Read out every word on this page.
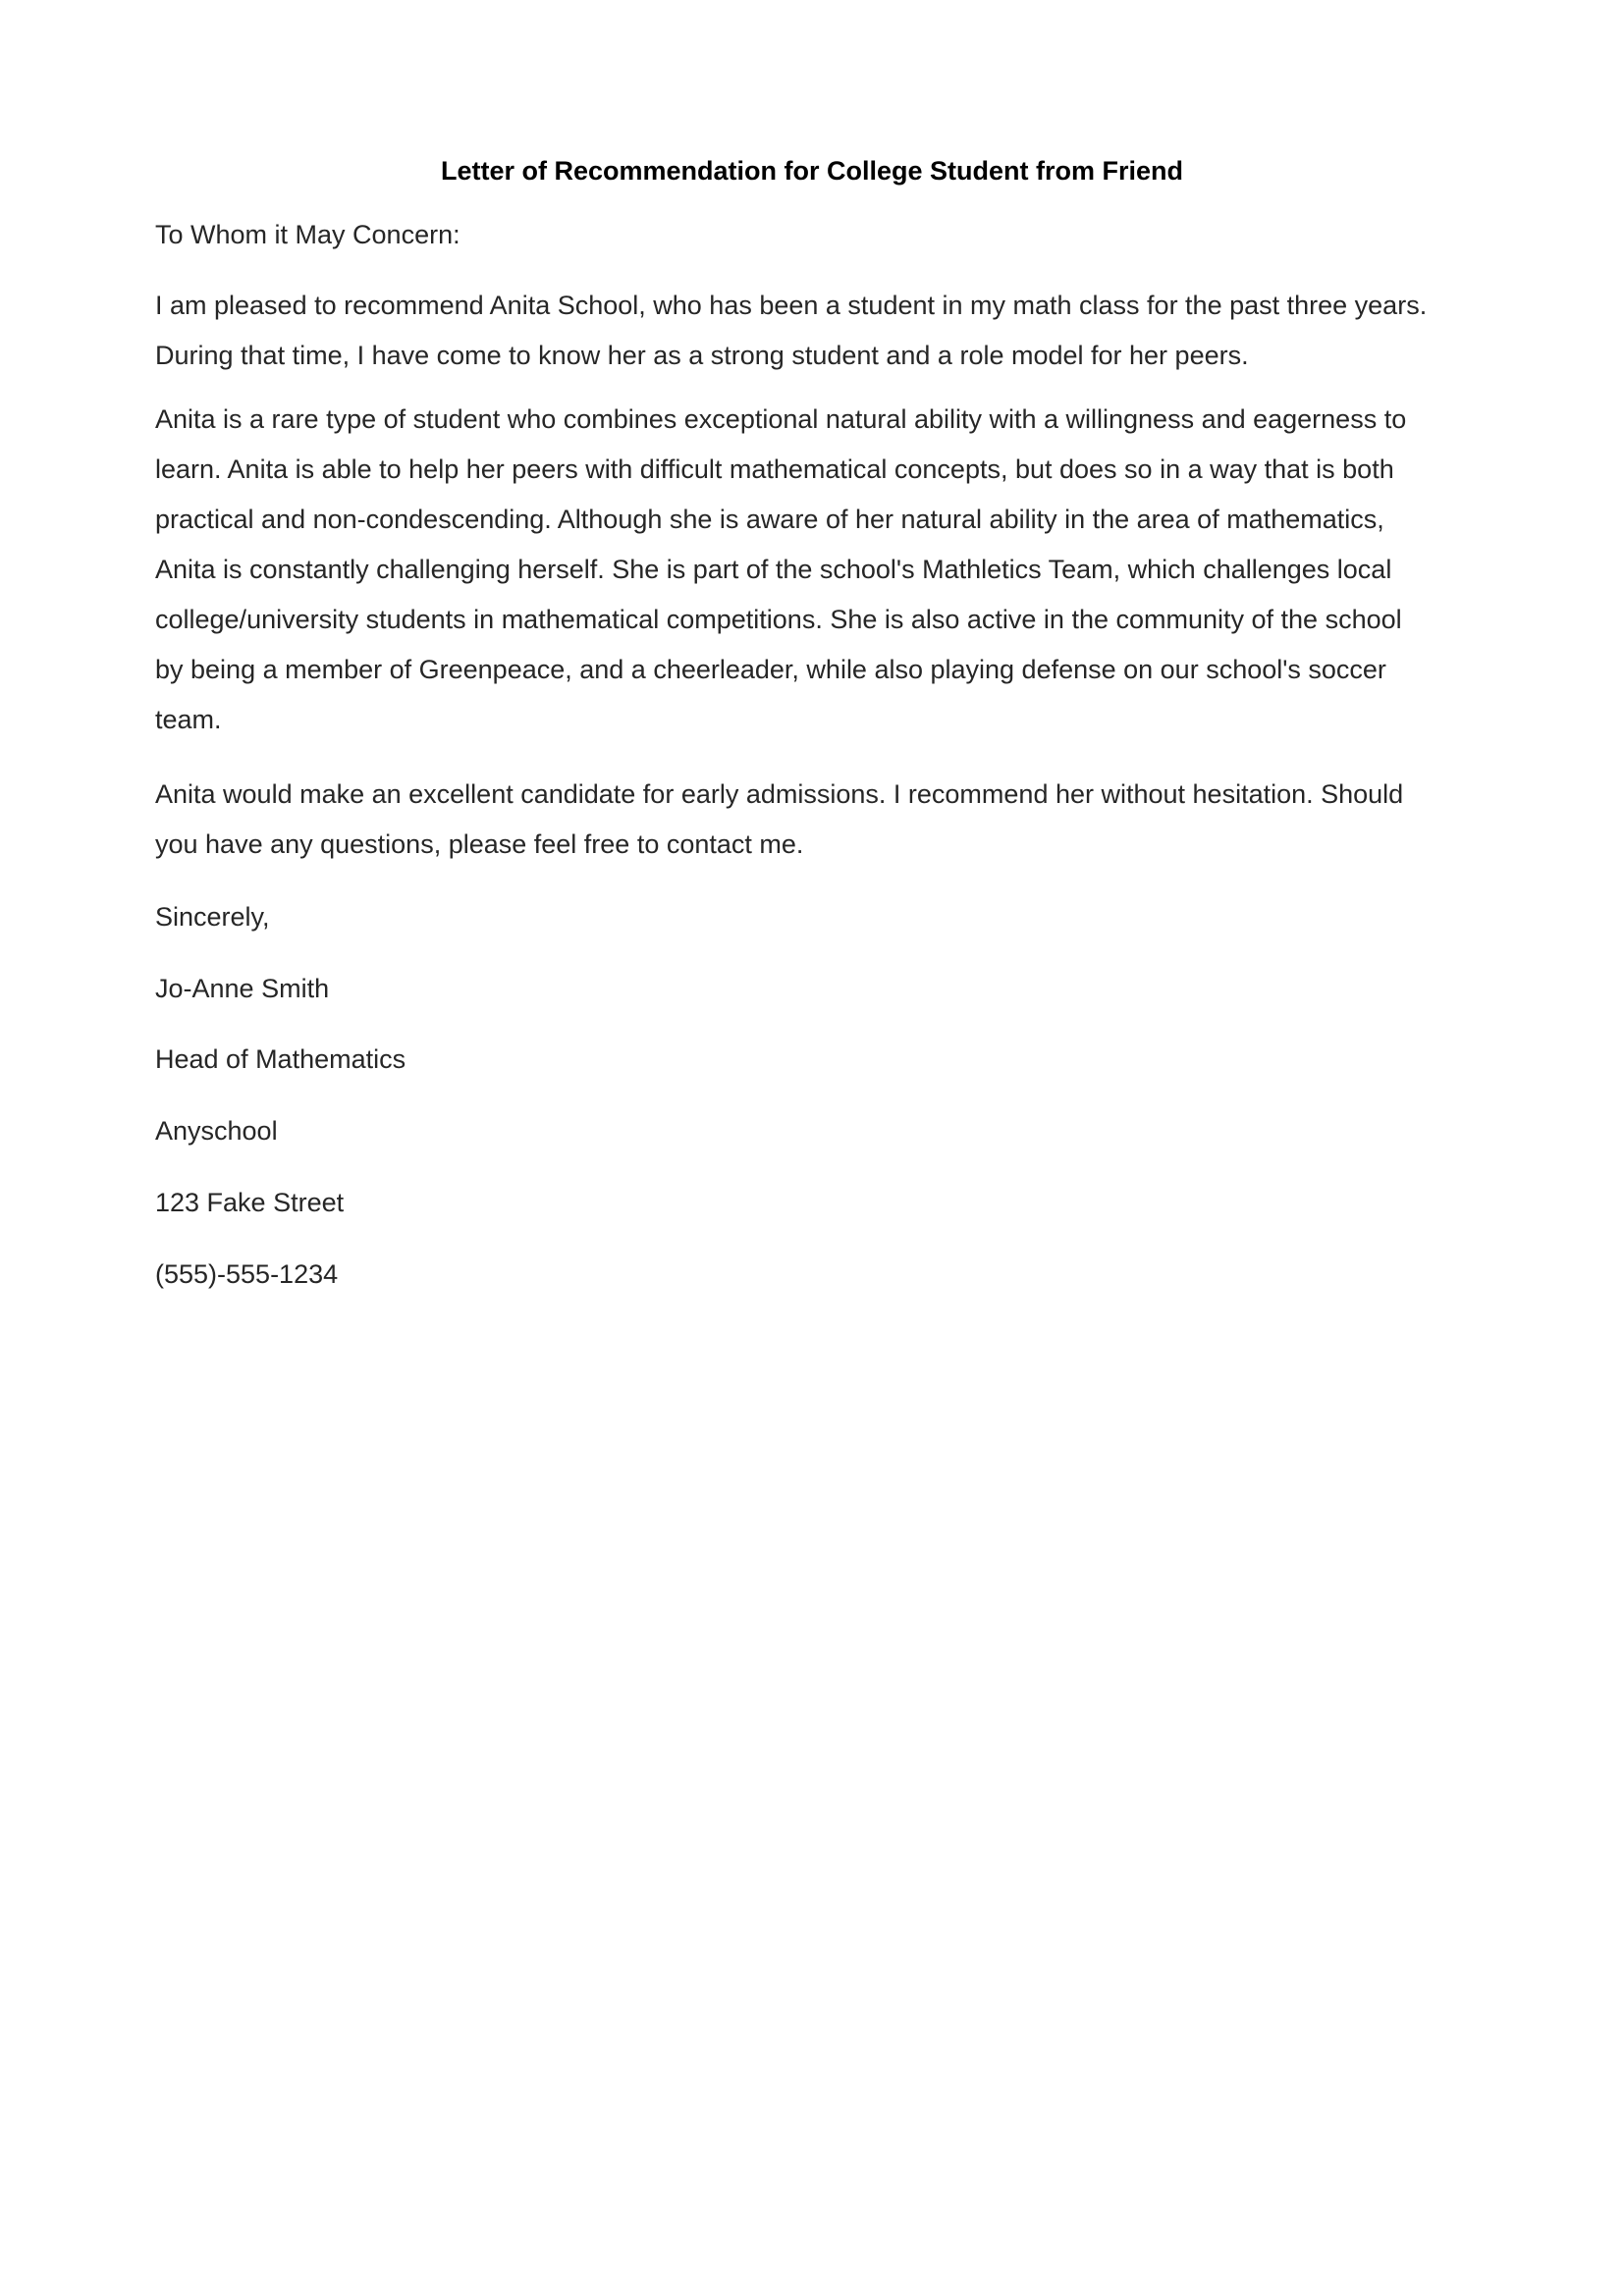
Letter of Recommendation for College Student from Friend
To Whom it May Concern:
I am pleased to recommend Anita School, who has been a student in my math class for the past three years.
During that time, I have come to know her as a strong student and a role model for her peers.
Anita is a rare type of student who combines exceptional natural ability with a willingness and eagerness to
learn. Anita is able to help her peers with difficult mathematical concepts, but does so in a way that is both
practical and non-condescending. Although she is aware of her natural ability in the area of mathematics,
Anita is constantly challenging herself. She is part of the school's Mathletics Team, which challenges local
college/university students in mathematical competitions. She is also active in the community of the school
by being a member of Greenpeace, and a cheerleader, while also playing defense on our school's soccer
team.
Anita would make an excellent candidate for early admissions. I recommend her without hesitation. Should
you have any questions, please feel free to contact me.
Sincerely,
Jo-Anne Smith
Head of Mathematics
Anyschool
123 Fake Street
(555)-555-1234
